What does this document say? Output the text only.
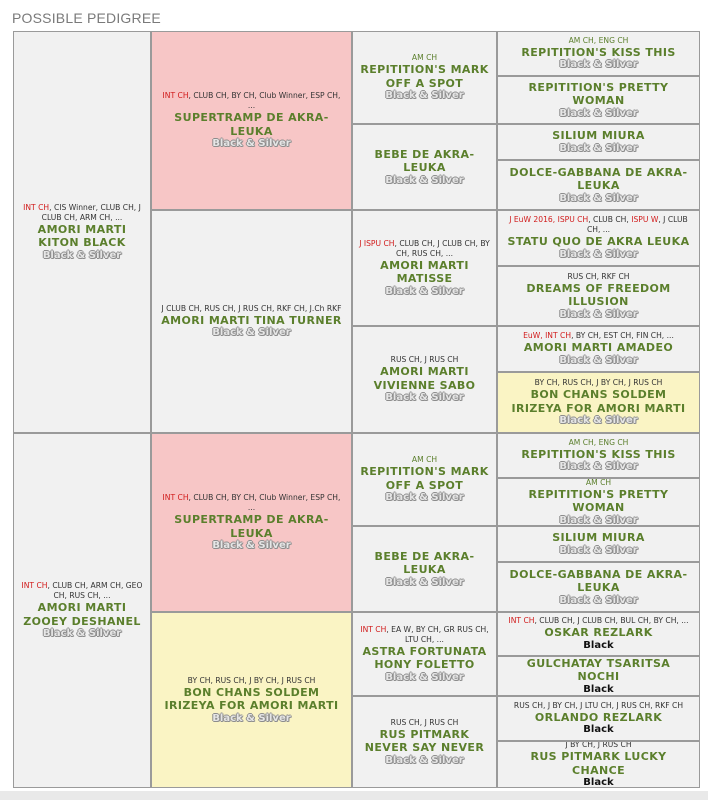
POSSIBLE PEDIGREE
INT CH, CIS Winner, CLUB CH, J CLUB CH, ARM CH, ...
AMORI MARTI KITON BLACK
Black & Silver
INT CH, CLUB CH, ARM CH, GEO CH, RUS CH, ...
AMORI MARTI ZOOEY DESHANEL
Black & Silver
INT CH, CLUB CH, BY CH, Club Winner, ESP CH, ...
SUPERTRAMP DE AKRA-LEUKA
Black & Silver
J CLUB CH, RUS CH, J RUS CH, RKF CH, J.Ch RKF
AMORI MARTI TINA TURNER
Black & Silver
INT CH, CLUB CH, BY CH, Club Winner, ESP CH, ...
SUPERTRAMP DE AKRA-LEUKA
Black & Silver
BY CH, RUS CH, J BY CH, J RUS CH
BON CHANS SOLDEM IRIZEYA FOR AMORI MARTI
Black & Silver
AM CH
REPITITION'S MARK OFF A SPOT
Black & Silver
BEBE DE AKRA-LEUKA
Black & Silver
J ISPU CH, CLUB CH, J CLUB CH, BY CH, RUS CH, ...
AMORI MARTI MATISSE
Black & Silver
RUS CH, J RUS CH
AMORI MARTI VIVIENNE SABO
Black & Silver
AM CH
REPITITION'S MARK OFF A SPOT
Black & Silver
BEBE DE AKRA-LEUKA
Black & Silver
INT CH, EA W, BY CH, GR RUS CH, LTU CH, ...
ASTRA FORTUNATA HONY FOLETTO
Black & Silver
RUS CH, J RUS CH
RUS PITMARK NEVER SAY NEVER
Black & Silver
AM CH, ENG CH
REPITITION'S KISS THIS
Black & Silver
REPITITION'S PRETTY WOMAN
Black & Silver
SILIUM MIURA
Black & Silver
DOLCE-GABBANA DE AKRA-LEUKA
Black & Silver
J EuW 2016, ISPU CH, CLUB CH, ISPU W, J CLUB CH, ...
STATU QUO DE AKRA LEUKA
Black & Silver
RUS CH, RKF CH
DREAMS OF FREEDOM ILLUSION
Black & Silver
EuW, INT CH, BY CH, EST CH, FIN CH, ...
AMORI MARTI AMADEO
Black & Silver
BY CH, RUS CH, J BY CH, J RUS CH
BON CHANS SOLDEM IRIZEYA FOR AMORI MARTI
Black & Silver
AM CH, ENG CH
REPITITION'S KISS THIS
Black & Silver
AM CH
REPITITION'S PRETTY WOMAN
Black & Silver
SILIUM MIURA
Black & Silver
DOLCE-GABBANA DE AKRA-LEUKA
Black & Silver
INT CH, CLUB CH, J CLUB CH, BUL CH, BY CH, ...
OSKAR REZLARK
Black
GULCHATAY TSARITSA NOCHI
Black
RUS CH, J BY CH, J LTU CH, J RUS CH, RKF CH
ORLANDO REZLARK
Black
J BY CH, J RUS CH
RUS PITMARK LUCKY CHANCE
Black
